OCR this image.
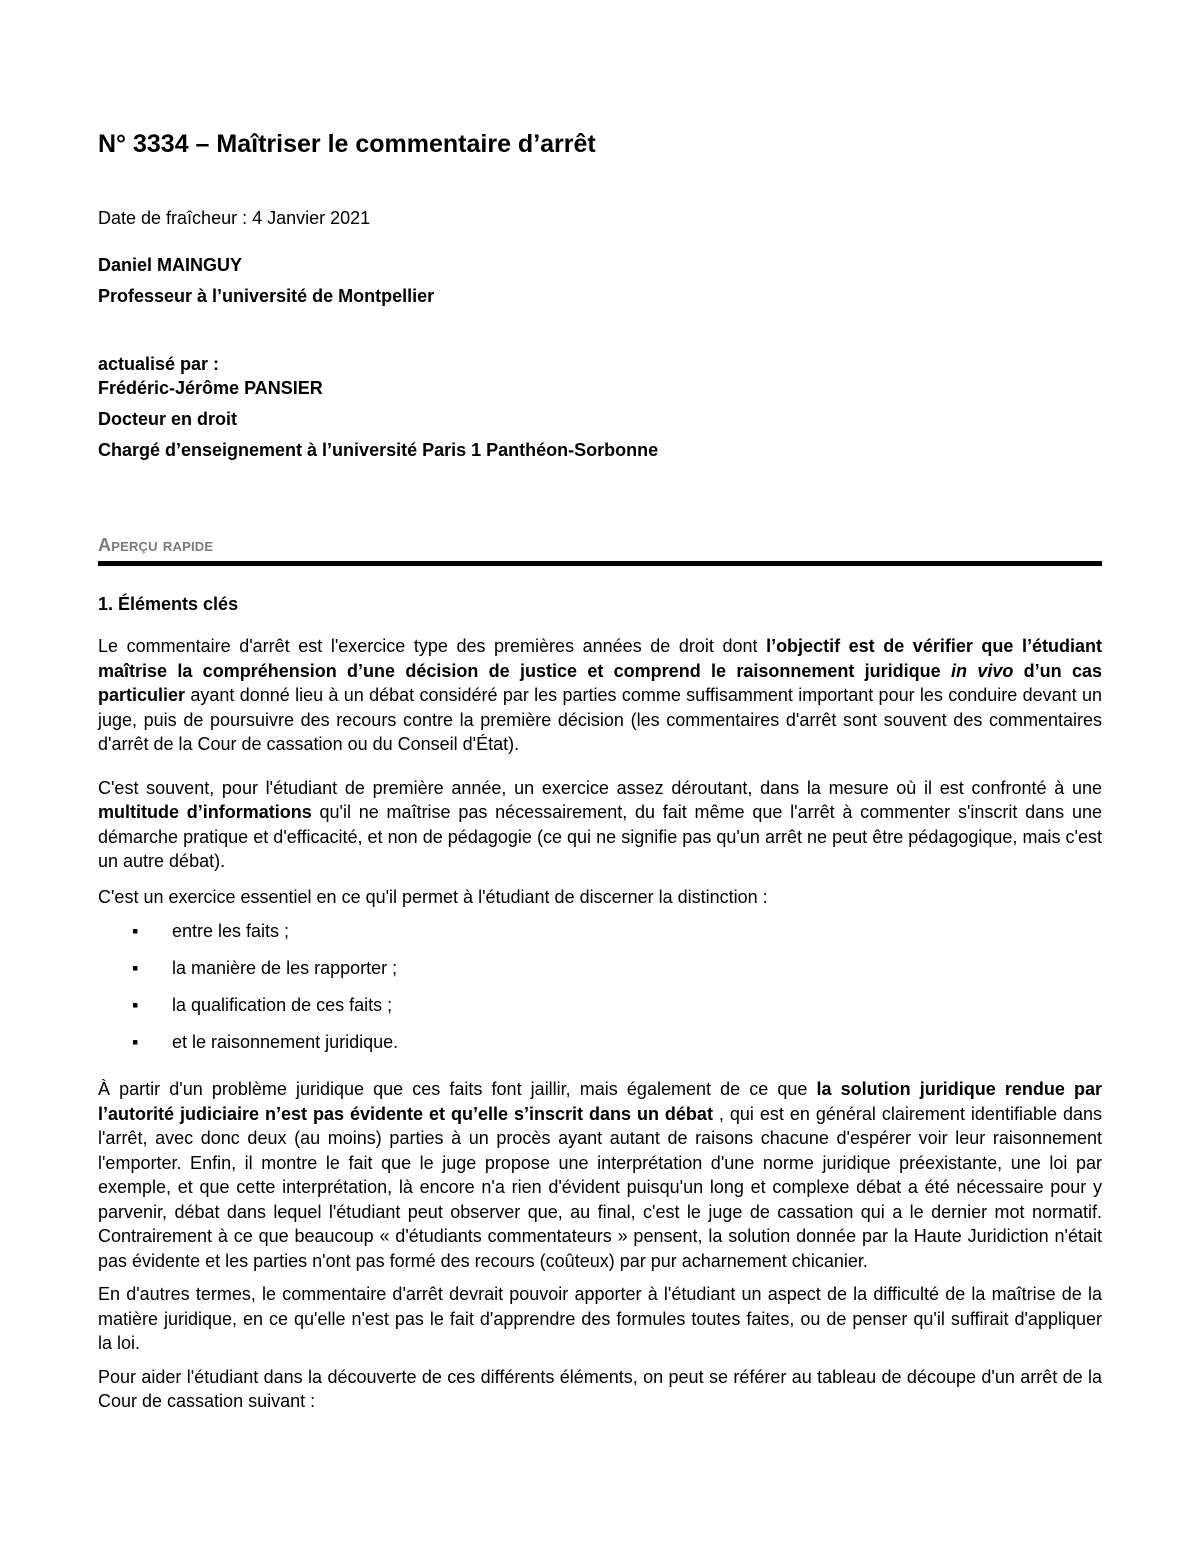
N° 3334 – Maîtriser le commentaire d’arrêt
Date de fraîcheur : 4 Janvier 2021
Daniel MAINGUY
Professeur à l’université de Montpellier
actualisé par :
Frédéric-Jérôme PANSIER
Docteur en droit
Chargé d’enseignement à l’université Paris 1 Panthéon-Sorbonne
Aperçu rapide
1. Éléments clés

Le commentaire d'arrêt est l'exercice type des premières années de droit dont l’objectif est de vérifier que l’étudiant maîtrise la compréhension d’une décision de justice et comprend le raisonnement juridique in vivo d’un cas particulier ayant donné lieu à un débat considéré par les parties comme suffisamment important pour les conduire devant un juge, puis de poursuivre des recours contre la première décision (les commentaires d'arrêt sont souvent des commentaires d'arrêt de la Cour de cassation ou du Conseil d'État).

C'est souvent, pour l'étudiant de première année, un exercice assez déroutant, dans la mesure où il est confronté à une multitude d’informations qu'il ne maîtrise pas nécessairement, du fait même que l'arrêt à commenter s'inscrit dans une démarche pratique et d'efficacité, et non de pédagogie (ce qui ne signifie pas qu'un arrêt ne peut être pédagogique, mais c'est un autre débat).

C'est un exercice essentiel en ce qu'il permet à l'étudiant de discerner la distinction :

▪ entre les faits ;
▪ la manière de les rapporter ;
▪ la qualification de ces faits ;
▪ et le raisonnement juridique.

À partir d'un problème juridique que ces faits font jaillir, mais également de ce que la solution juridique rendue par l’autorité judiciaire n’est pas évidente et qu’elle s’inscrit dans un débat , qui est en général clairement identifiable dans l'arrêt, avec donc deux (au moins) parties à un procès ayant autant de raisons chacune d'espérer voir leur raisonnement l'emporter. Enfin, il montre le fait que le juge propose une interprétation d'une norme juridique préexistante, une loi par exemple, et que cette interprétation, là encore n'a rien d'évident puisqu'un long et complexe débat a été nécessaire pour y parvenir, débat dans lequel l'étudiant peut observer que, au final, c'est le juge de cassation qui a le dernier mot normatif. Contrairement à ce que beaucoup « d'étudiants commentateurs » pensent, la solution donnée par la Haute Juridiction n'était pas évidente et les parties n'ont pas formé des recours (coûteux) par pur acharnement chicanier.

En d'autres termes, le commentaire d'arrêt devrait pouvoir apporter à l'étudiant un aspect de la difficulté de la maîtrise de la matière juridique, en ce qu'elle n'est pas le fait d'apprendre des formules toutes faites, ou de penser qu'il suffirait d'appliquer la loi.

Pour aider l'étudiant dans la découverte de ces différents éléments, on peut se référer au tableau de découpe d'un arrêt de la Cour de cassation suivant :
